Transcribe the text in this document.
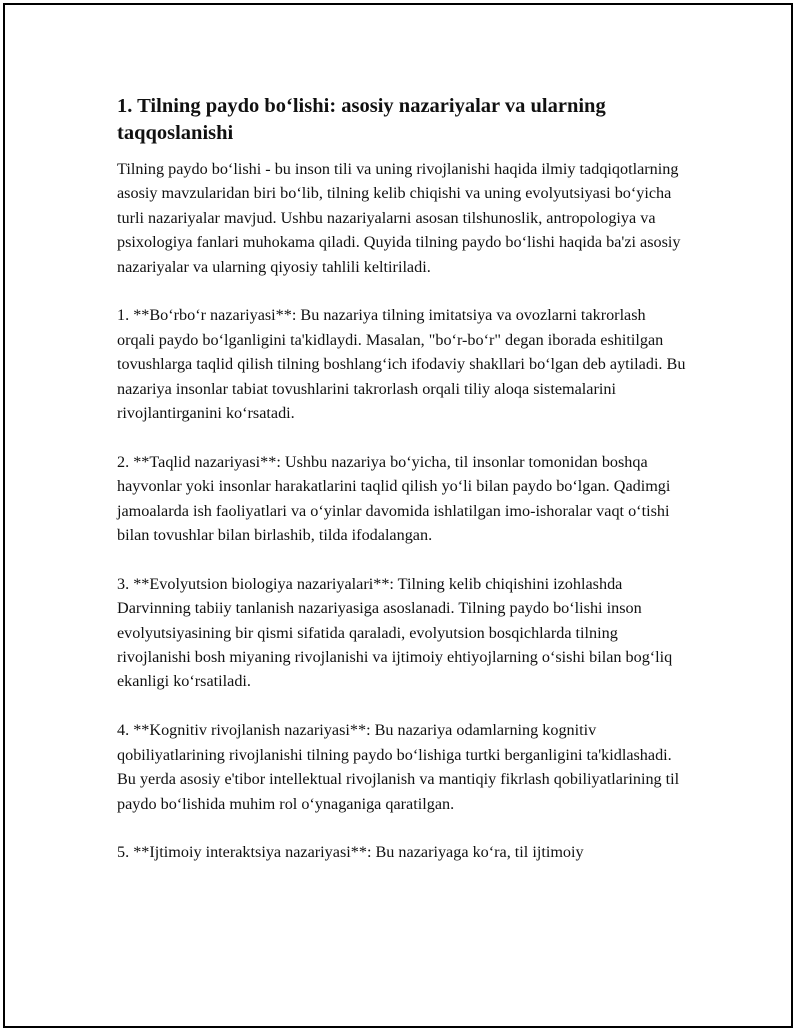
1. Tilning paydo boʻlishi: asosiy nazariyalar va ularning taqqoslanishi

Tilning paydo boʻlishi - bu inson tili va uning rivojlanishi haqida ilmiy tadqiqotlarning asosiy mavzularidan biri boʻlib, tilning kelib chiqishi va uning evolyutsiyasi boʻyicha turli nazariyalar mavjud. Ushbu nazariyalarni asosan tilshunoslik, antropologiya va psixologiya fanlari muhokama qiladi. Quyida tilning paydo boʻlishi haqida ba'zi asosiy nazariyalar va ularning qiyosiy tahlili keltiriladi.

1. **Boʻrboʻr nazariyasi**: Bu nazariya tilning imitatsiya va ovozlarni takrorlash orqali paydo boʻlganligini ta'kidlaydi. Masalan, "boʻr-boʻr" degan iborada eshitilgan tovushlarga taqlid qilish tilning boshlangʻich ifodaviy shakllari boʻlgan deb aytiladi. Bu nazariya insonlar tabiat tovushlarini takrorlash orqali tiliy aloqa sistemalarini rivojlantirganini koʻrsatadi.

2. **Taqlid nazariyasi**: Ushbu nazariya boʻyicha, til insonlar tomonidan boshqa hayvonlar yoki insonlar harakatlarini taqlid qilish yoʻli bilan paydo boʻlgan. Qadimgi jamoalarda ish faoliyatlari va oʻyinlar davomida ishlatilgan imo-ishoralar vaqt oʻtishi bilan tovushlar bilan birlashib, tilda ifodalangan.

3. **Evolyutsion biologiya nazariyalari**: Tilning kelib chiqishini izohlashda Darvinning tabiiy tanlanish nazariyasiga asoslanadi. Tilning paydo boʻlishi inson evolyutsiyasining bir qismi sifatida qaraladi, evolyutsion bosqichlarda tilning rivojlanishi bosh miyaning rivojlanishi va ijtimoiy ehtiyojlarning oʻsishi bilan bogʻliq ekanligi koʻrsatiladi.

4. **Kognitiv rivojlanish nazariyasi**: Bu nazariya odamlarning kognitiv qobiliyatlarining rivojlanishi tilning paydo boʻlishiga turtki berganligini ta'kidlashadi. Bu yerda asosiy e'tibor intellektual rivojlanish va mantiqiy fikrlash qobiliyatlarining til paydo boʻlishida muhim rol oʻynaganiga qaratilgan.

5. **Ijtimoiy interaktsiya nazariyasi**: Bu nazariyaga koʻra, til ijtimoiy
